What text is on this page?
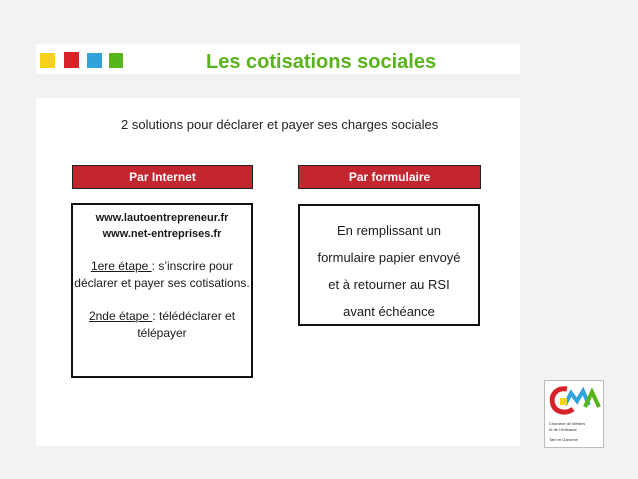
Les cotisations sociales
2 solutions pour déclarer et payer ses charges sociales
Par Internet	Par formulaire
www.lautoentrepreneur.fr
www.net-entreprises.fr
1ere étape : s’inscrire pour déclarer et payer ses cotisations.
2nde étape : télédéclarer et télépayer
En remplissant un
formulaire papier envoyé
et à retourner au RSI
avant échéance
Chambre de Métiers
et de l’Artisanat
Tarn et Garonne
